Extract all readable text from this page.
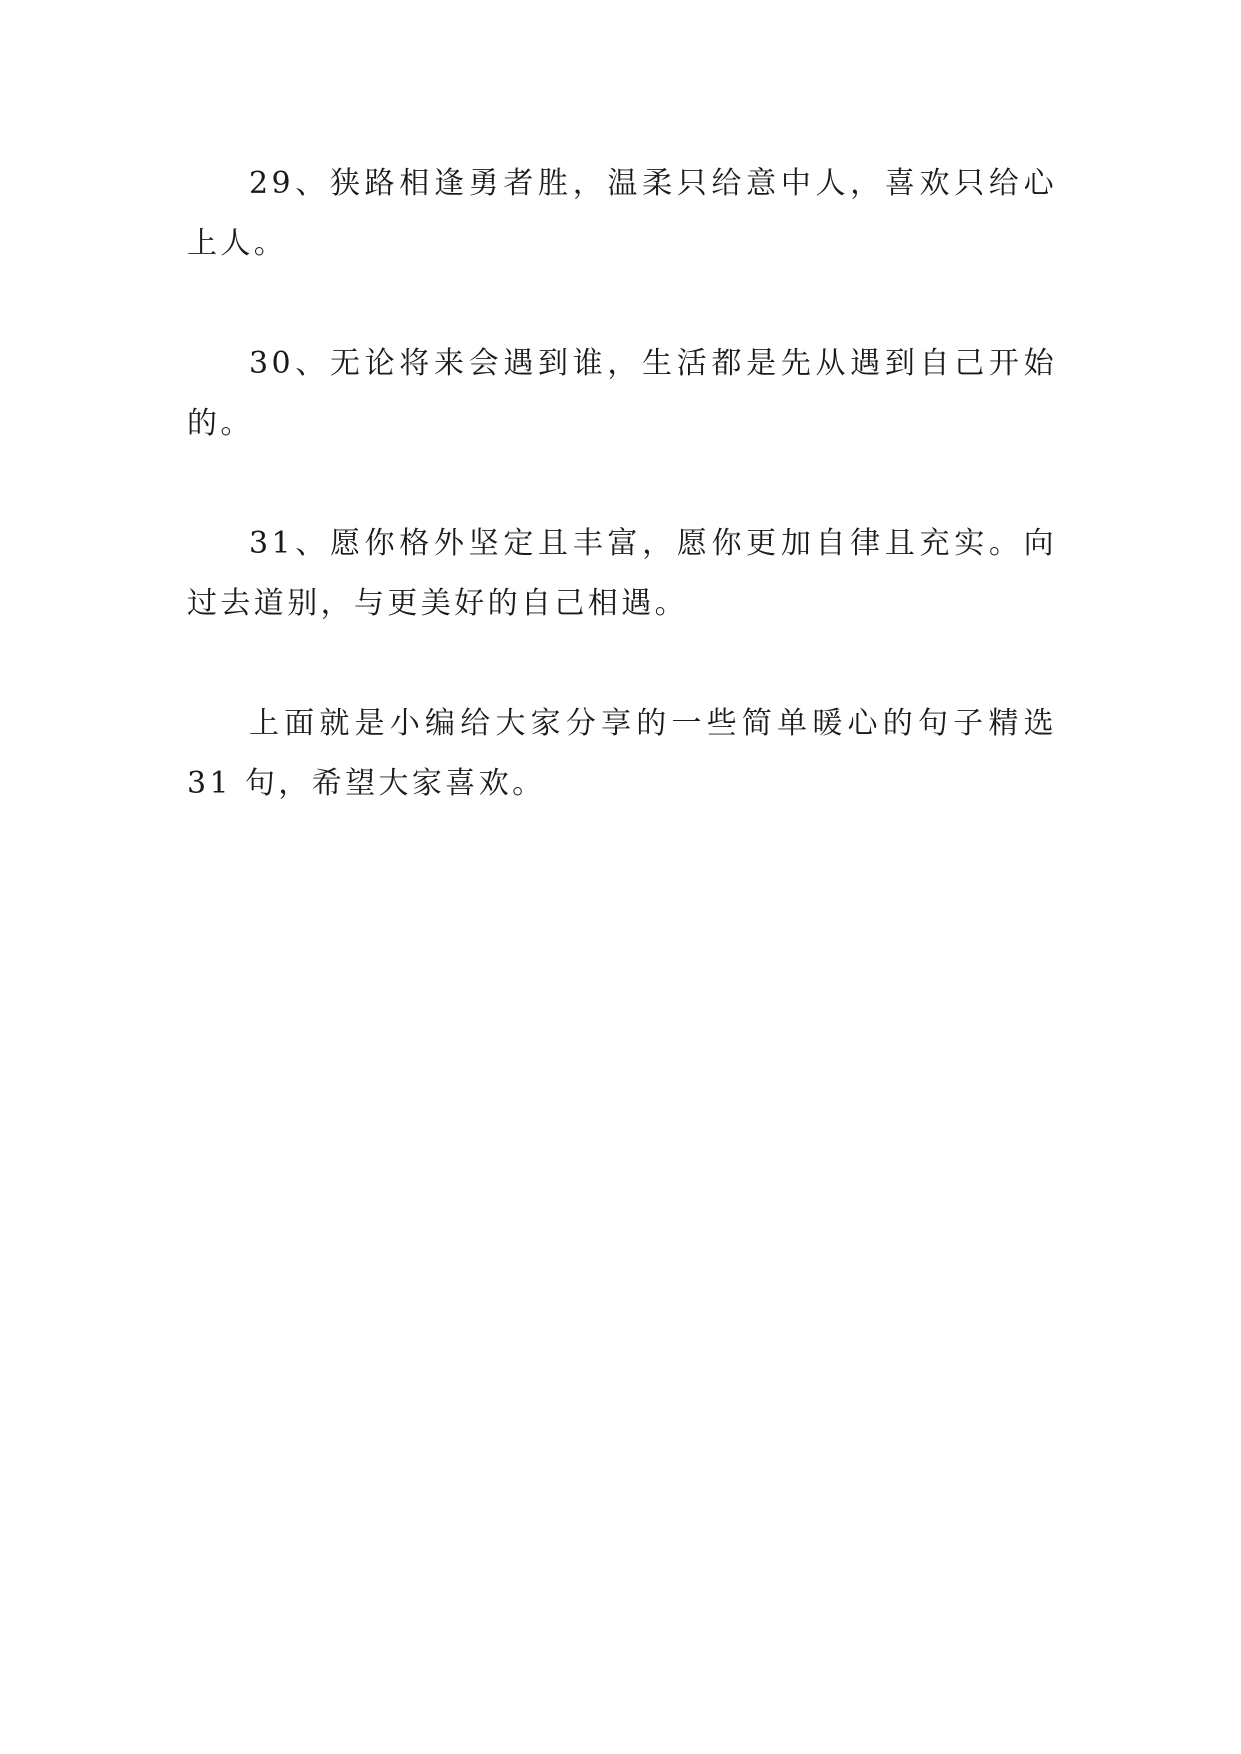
29、狭路相逢勇者胜，温柔只给意中人，喜欢只给心上人。

30、无论将来会遇到谁，生活都是先从遇到自己开始的。

31、愿你格外坚定且丰富，愿你更加自律且充实。向过去道别，与更美好的自己相遇。

上面就是小编给大家分享的一些简单暖心的句子精选 31 句，希望大家喜欢。
